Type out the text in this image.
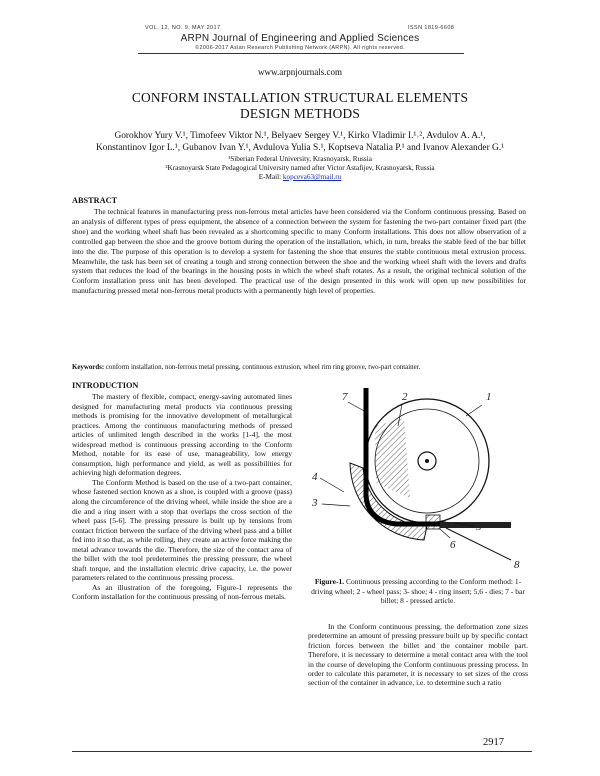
VOL. 12, NO. 9, MAY 2017	ISSN 1819-6608
ARPN Journal of Engineering and Applied Sciences
©2006-2017 Asian Research Publishing Network (ARPN). All rights reserved.
www.arpnjournals.com
CONFORM INSTALLATION STRUCTURAL ELEMENTS
DESIGN METHODS
Gorokhov Yury V.¹, Timofeev Viktor N.¹, Belyaev Sergey V.¹, Kirko Vladimir I.¹˒², Avdulov A. A.¹,
Konstantinov Igor L.¹, Gubanov Ivan Y.¹, Avdulova Yulia S.¹, Koptseva Natalia P.¹ and Ivanov Alexander G.¹
¹Siberian Federal University, Krasnoyarsk, Russia
²Krasnoyarsk State Pedagogical University named after Victor Astafijev, Krasnoyarsk, Russia
E-Mail: kopceva63@mail.ru
ABSTRACT
The technical features in manufacturing press non-ferrous metal articles have been considered via the Conform continuous pressing. Based on an analysis of different types of press equipment, the absence of a connection between the system for fastening the two-part container fixed part (the shoe) and the working wheel shaft has been revealed as a shortcoming specific to many Conform installations. This does not allow observation of a controlled gap between the shoe and the groove bottom during the operation of the installation, which, in turn, breaks the stable feed of the bar billet into the die. The purpose of this operation is to develop a system for fastening the shoe that ensures the stable continuous metal extrusion process. Meanwhile, the task has been set of creating a tough and strong connection between the shoe and the working wheel shaft with the levers and drafts system that reduces the load of the bearings in the housing posts in which the wheel shaft rotates. As a result, the original technical solution of the Conform installation press unit has been developed. The practical use of the design presented in this work will open up new possibilities for manufacturing pressed metal non-ferrous metal products with a permanently high level of properties.
Keywords: conform installation, non-ferrous metal pressing, continuous extrusion, wheel rim ring groove, two-part container.
INTRODUCTION

The mastery of flexible, compact, energy-saving automated lines designed for manufacturing metal products via continuous pressing methods is promising for the innovative development of metallurgical practices. Among the continuous manufacturing methods of pressed articles of unlimited length described in the works [1-4], the most widespread method is continuous pressing according to the Conform Method, notable for its ease of use, manageability, low energy consumption, high performance and yield, as well as possibilities for achieving high deformation degrees.

The Conform Method is based on the use of a two-part container, whose fastened section known as a shoe, is coupled with a groove (pass) along the circumference of the driving wheel, while inside the shoe are a die and a ring insert with a stop that overlaps the cross section of the wheel pass [5-6]. The pressing pressure is built up by tensions from contact friction between the surface of the driving wheel pass and a billet fed into it so that, as while rolling, they create an active force making the metal advance towards the die. Therefore, the size of the contact area of the billet with the tool predetermines the pressing pressure, the wheel shaft torque, and the installation electric drive capacity, i.e. the power parameters related to the continuous pressing process.

As an illustration of the foregoing, Figure-1 represents the Conform installation for the continuous pressing of non-ferrous metals.

7	2	1
4
3
5
6
8
Figure-1. Continuous pressing according to the Conform method: 1- driving wheel; 2 - wheel pass; 3- shoe; 4 - ring insert; 5,6 - dies; 7 - bar billet; 8 - pressed article.
In the Conform continuous pressing, the deformation zone sizes predetermine an amount of pressing pressure built up by specific contact friction forces between the billet and the container mobile part. Therefore, it is necessary to determine a metal contact area with the tool in the course of developing the Conform continuous pressing process. In order to calculate this parameter, it is necessary to set sizes of the cross section of the container in advance, i.e. to determine such a ratio
2917
